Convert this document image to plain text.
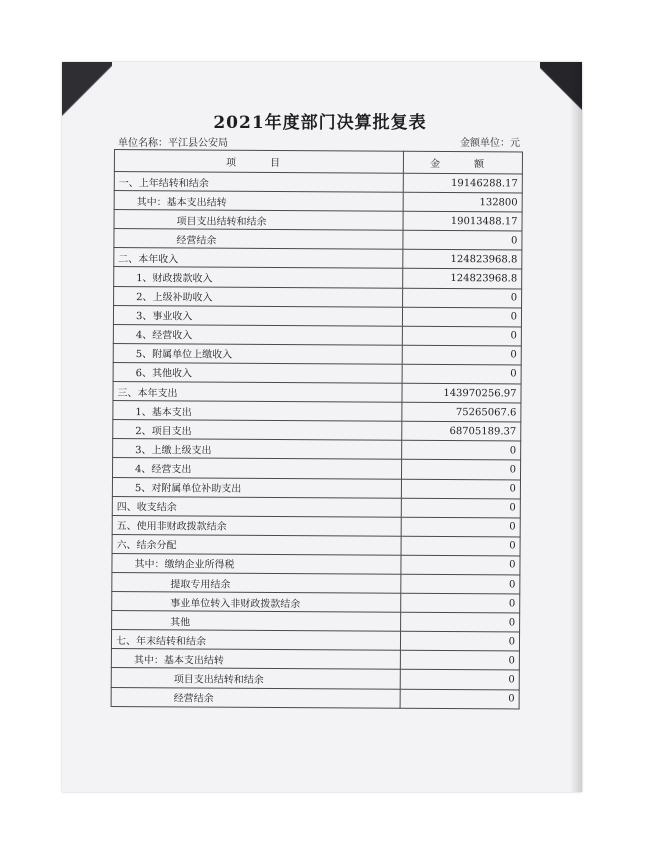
2021年度部门决算批复表
单位名称：平江县公安局	金额单位：元
项　目	金　额
一、上年结转和结余	19146288.17
其中：基本支出结转	132800
项目支出结转和结余	19013488.17
经营结余	0
二、本年收入	124823968.8
1、财政拨款收入	124823968.8
2、上级补助收入	0
3、事业收入	0
4、经营收入	0
5、附属单位上缴收入	0
6、其他收入	0
三、本年支出	143970256.97
1、基本支出	75265067.6
2、项目支出	68705189.37
3、上缴上级支出	0
4、经营支出	0
5、对附属单位补助支出	0
四、收支结余	0
五、使用非财政拨款结余	0
六、结余分配	0
其中：缴纳企业所得税	0
提取专用结余	0
事业单位转入非财政拨款结余	0
其他	0
七、年末结转和结余	0
其中：基本支出结转	0
项目支出结转和结余	0
经营结余	0
